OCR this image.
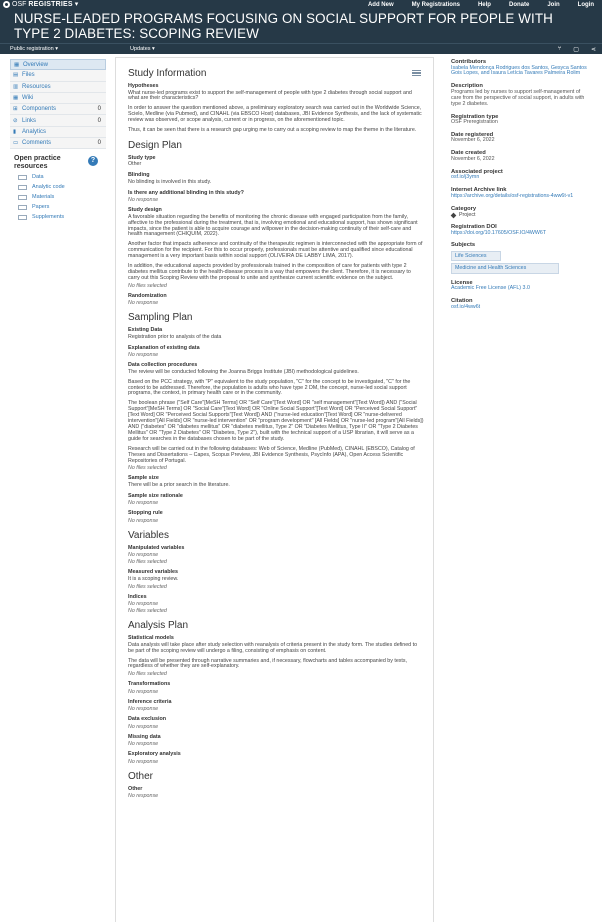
OSF REGISTRIES ▾	Add New	My Registrations	Help	Donate	Join	Login
NURSE-LEADED PROGRAMS FOCUSING ON SOCIAL SUPPORT FOR PEOPLE WITH TYPE 2 DIABETES: SCOPING REVIEW
Public registration ▾	Updates ▾	⑂ ▢ ⋖
▦ Overview
▤ Files
▥ Resources
▦ Wiki
⊞ Components	0
⊘ Links	0
▮ Analytics
▭ Comments	0
Open practice resources
?
Data
Analytic code
Materials
Papers
Supplements
Study Information
Hypotheses
What nurse-led programs exist to support the self-management of people with type 2 diabetes through social support and what are their characteristics?
In order to answer the question mentioned above, a preliminary exploratory search was carried out in the Worldwide Science, Scielo, Medline (via Pubmed), and CINAHL (via EBSCO Host) databases, JBI Evidence Synthesis, and the lack of systematic review was observed, or scope analysis, current or in progress, on the aforementioned topic.
Thus, it can be seen that there is a research gap urging me to carry out a scoping review to map the theme in the literature.
Design Plan
Study type
Other
Blinding
No blinding is involved in this study.
Is there any additional blinding in this study?
No response
Study design
A favorable situation regarding the benefits of monitoring the chronic disease with engaged participation from the family, affective to the professional during the treatment, that is, involving emotional and educational support, has shown significant impacts, since the patient is able to acquire courage and willpower in the decision-making continuity of their self-care and health management (CHIQUIM, 2022).
Another factor that impacts adherence and continuity of the therapeutic regimen is interconnected with the appropriate form of communication for the recipient. For this to occur properly, professionals must be attentive and qualified since educational management is a very important basis within social support (OLIVEIRA DE LABBY LIMA, 2017).
In addition, the educational aspects provided by professionals trained in the composition of care for patients with type 2 diabetes mellitus contribute to the health-disease process in a way that empowers the client. Therefore, it is necessary to carry out this Scoping Review with the proposal to unite and synthesize current scientific evidence on the subject.
No files selected
Randomization
No response
Sampling Plan
Existing Data
Registration prior to analysis of the data
Explanation of existing data
No response
Data collection procedures
The review will be conducted following the Joanna Briggs Institute (JBI) methodological guidelines.
Based on the PCC strategy, with "P" equivalent to the study population, "C" for the concept to be investigated, "C" for the context to be addressed. Therefore, the population is adults who have type 2 DM, the concept, nurse-led social support programs, the context, in primary health care or in the community.
The boolean phrase ("Self Care"[MeSH Terms] OR "Self Care"[Text Word] OR "self management"[Text Word]) AND ("Social Support"[MeSH Terms] OR "Social Care"[Text Word] OR "Online Social Support"[Text Word] OR "Perceived Social Support"[Text Word] OR "Perceived Social Supports"[Text Word]) AND ("nurse-led education"[Text Word] OR "nurse-delivered intervention"[All Fields] OR "nurse-led intervention" OR "program development" [All Fields] OR "nurse-led program"[All Fields]) AND ("diabetes" OR "diabetes mellitus" OR "diabetes mellitus, Type 2" OR "Diabetes Mellitus, Type II" OR "Type 2 Diabetes Mellitus" OR "Type 2 Diabetes" OR "Diabetes, Type 2"), built with the technical support of a USP librarian, it will serve as a guide for searches in the databases chosen to be part of the study.
Research will be carried out in the following databases: Web of Science, Medline (PubMed), CINAHL (EBSCO), Catalog of Theses and Dissertations – Capes, Scopus Preview, JBI Evidence Synthesis, PsycInfo (APA), Open Access Scientific Repositories of Portugal.
No files selected
Sample size
There will be a prior search in the literature.
Sample size rationale
No response
Stopping rule
No response
Variables
Manipulated variables
No response
No files selected
Measured variables
It is a scoping review.
No files selected
Indices
No response
No files selected
Analysis Plan
Statistical models
Data analysis will take place after study selection with reanalysis of criteria present in the study form. The studies defined to be part of the scoping review will undergo a filing, consisting of emphasis on content.
The data will be presented through narrative summaries and, if necessary, flowcharts and tables accompanied by texts, regardless of whether they are self-explanatory.
No files selected
Transformations
No response
Inference criteria
No response
Data exclusion
No response
Missing data
No response
Exploratory analysis
No response
Other
Other
No response
Contributors
Isabela Mendonça Rodrigues dos Santos, Gesyca Santos Gois Lopes, and Isaura Letícia Tavares Palmeira Rolim
Description
Programs led by nurses to support self-management of care from the perspective of social support, in adults with type 2 diabetes.
Registration type
OSF Preregistration
Date registered
November 6, 2022
Date created
November 6, 2022
Associated project
osf.io/j3ymn
Internet Archive link
https://archive.org/details/osf-registrations-4ww6t-v1
Category
Project
Registration DOI
https://doi.org/10.17605/OSF.IO/4WW6T
Subjects
Life Sciences
Medicine and Health Sciences
License
Academic Free License (AFL) 3.0
Citation
osf.io/4ww6t
